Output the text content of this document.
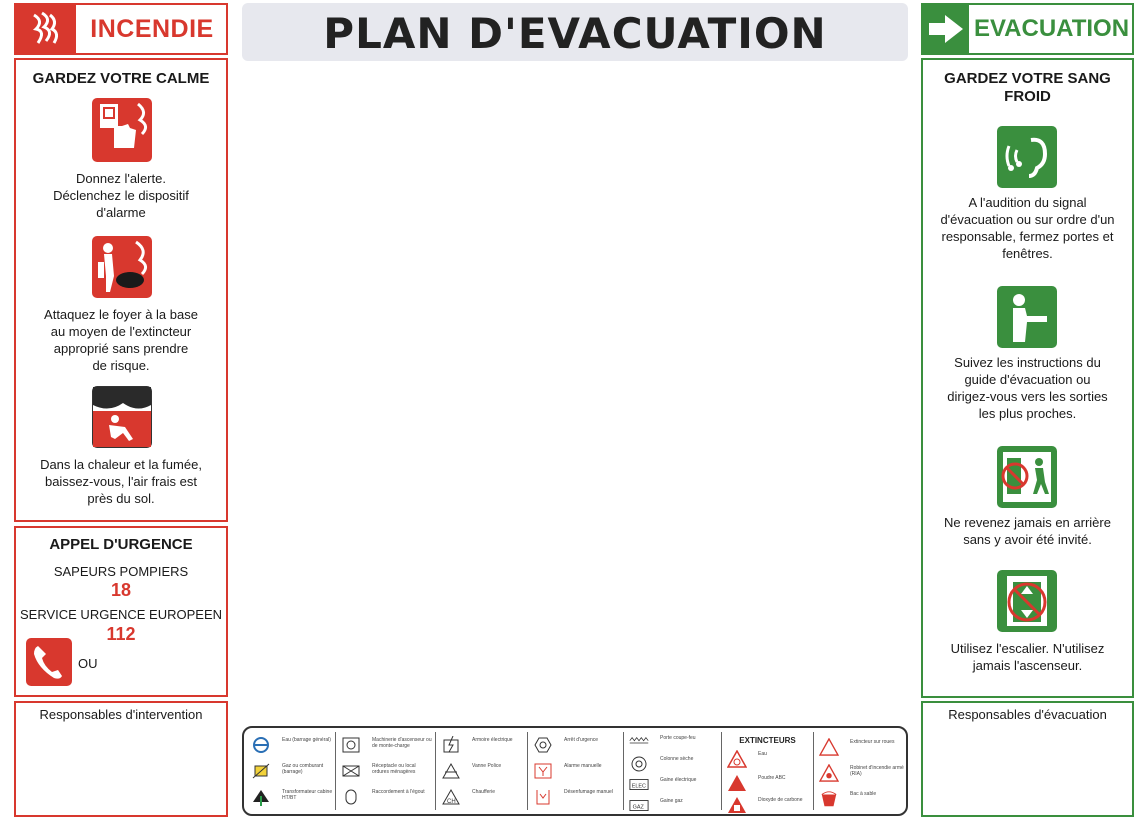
INCENDIE
GARDEZ VOTRE CALME
Donnez l'alerte.
Déclenchez le dispositif
d'alarme
Attaquez le foyer à la base
au moyen de l'extincteur
approprié sans prendre
de risque.
Dans la chaleur et la fumée,
baissez-vous, l'air frais est
près du sol.
APPEL D'URGENCE
SAPEURS POMPIERS
18
SERVICE URGENCE EUROPEEN
112
OU
Responsables d'intervention
PLAN D'EVACUATION
Eau (barrage général)
Gaz ou comburant (barrage)
Transformateur cabine HT/BT
Machinerie d'ascenseur ou de monte-charge
Réceptacle ou local ordures ménagères
Raccordement à l'égout
Armoire électrique
Vanne Police
CH
Chaufferie
Arrêt d'urgence
Alarme manuelle
Désenfumage manuel
Porte coupe-feu
Colonne sèche
ELEC
Gaine électrique
GAZ
Gaine gaz
EXTINCTEURS
Eau
Poudre ABC
Dioxyde de carbone
Extincteur sur roues
Robinet d'incendie armé (RIA)
Bac à sable
EVACUATION
GARDEZ VOTRE SANG
FROID
A l'audition du signal
d'évacuation ou sur ordre d'un
responsable, fermez portes et
fenêtres.
Suivez les instructions du
guide d'évacuation ou
dirigez-vous vers les sorties
les plus proches.
Ne revenez jamais en arrière
sans y avoir été invité.
Utilisez l'escalier. N'utilisez
jamais l'ascenseur.
Responsables d'évacuation
